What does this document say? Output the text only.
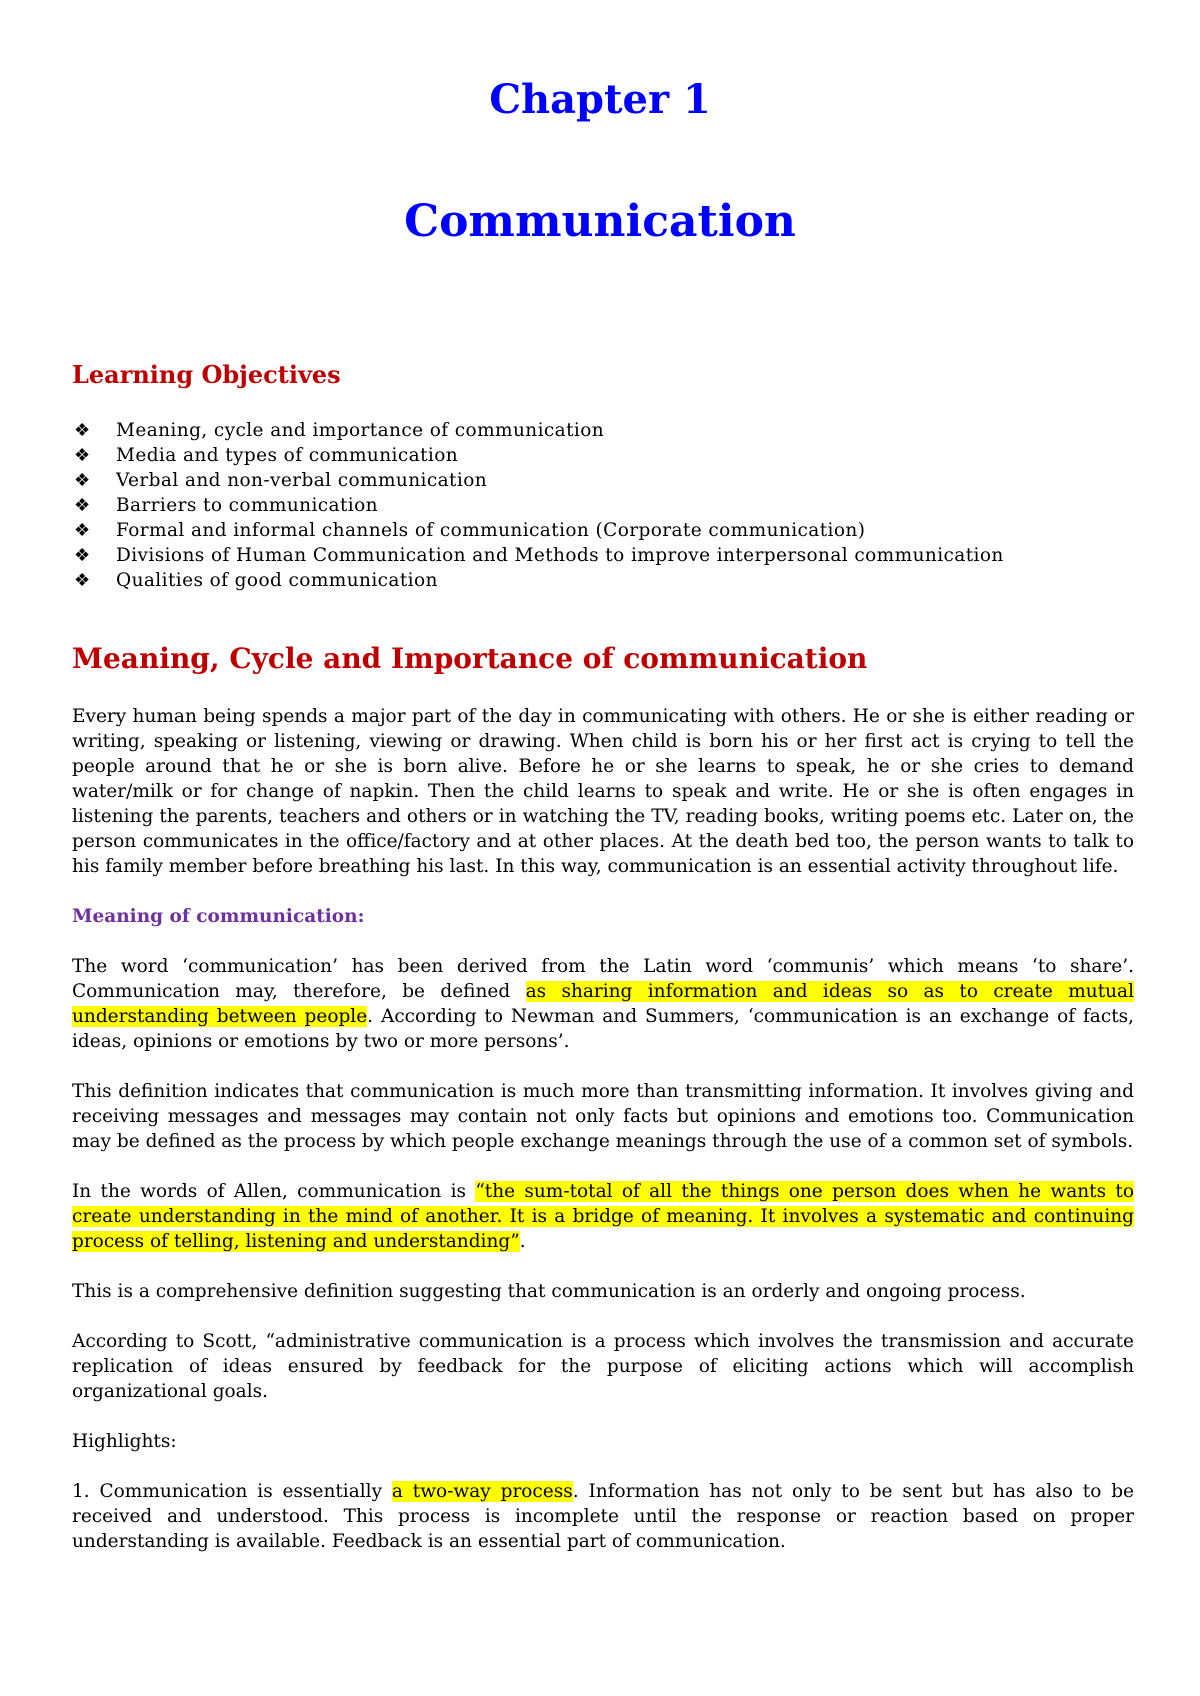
Chapter 1
Communication
Learning Objectives
❖ Meaning, cycle and importance of communication
❖ Media and types of communication
❖ Verbal and non-verbal communication
❖ Barriers to communication
❖ Formal and informal channels of communication (Corporate communication)
❖ Divisions of Human Communication and Methods to improve interpersonal communication
❖ Qualities of good communication
Meaning, Cycle and Importance of communication

Every human being spends a major part of the day in communicating with others. He or she is either reading or writing, speaking or listening, viewing or drawing. When child is born his or her first act is crying to tell the people around that he or she is born alive. Before he or she learns to speak, he or she cries to demand water/milk or for change of napkin. Then the child learns to speak and write. He or she is often engages in listening the parents, teachers and others or in watching the TV, reading books, writing poems etc. Later on, the person communicates in the office/factory and at other places. At the death bed too, the person wants to talk to his family member before breathing his last. In this way, communication is an essential activity throughout life.

Meaning of communication:

The word ‘communication’ has been derived from the Latin word ‘communis’ which means ‘to share’. Communication may, therefore, be defined as sharing information and ideas so as to create mutual understanding between people. According to Newman and Summers, ‘communication is an exchange of facts, ideas, opinions or emotions by two or more persons’.

This definition indicates that communication is much more than transmitting information. It involves giving and receiving messages and messages may contain not only facts but opinions and emotions too. Communication may be defined as the process by which people exchange meanings through the use of a common set of symbols.

In the words of Allen, communication is “the sum-total of all the things one person does when he wants to create understanding in the mind of another. It is a bridge of meaning. It involves a systematic and continuing process of telling, listening and understanding”.

This is a comprehensive definition suggesting that communication is an orderly and ongoing process.

According to Scott, “administrative communication is a process which involves the transmission and accurate replication of ideas ensured by feedback for the purpose of eliciting actions which will accomplish organizational goals.

Highlights:

1. Communication is essentially a two-way process. Information has not only to be sent but has also to be received and understood. This process is incomplete until the response or reaction based on proper understanding is available. Feedback is an essential part of communication.
